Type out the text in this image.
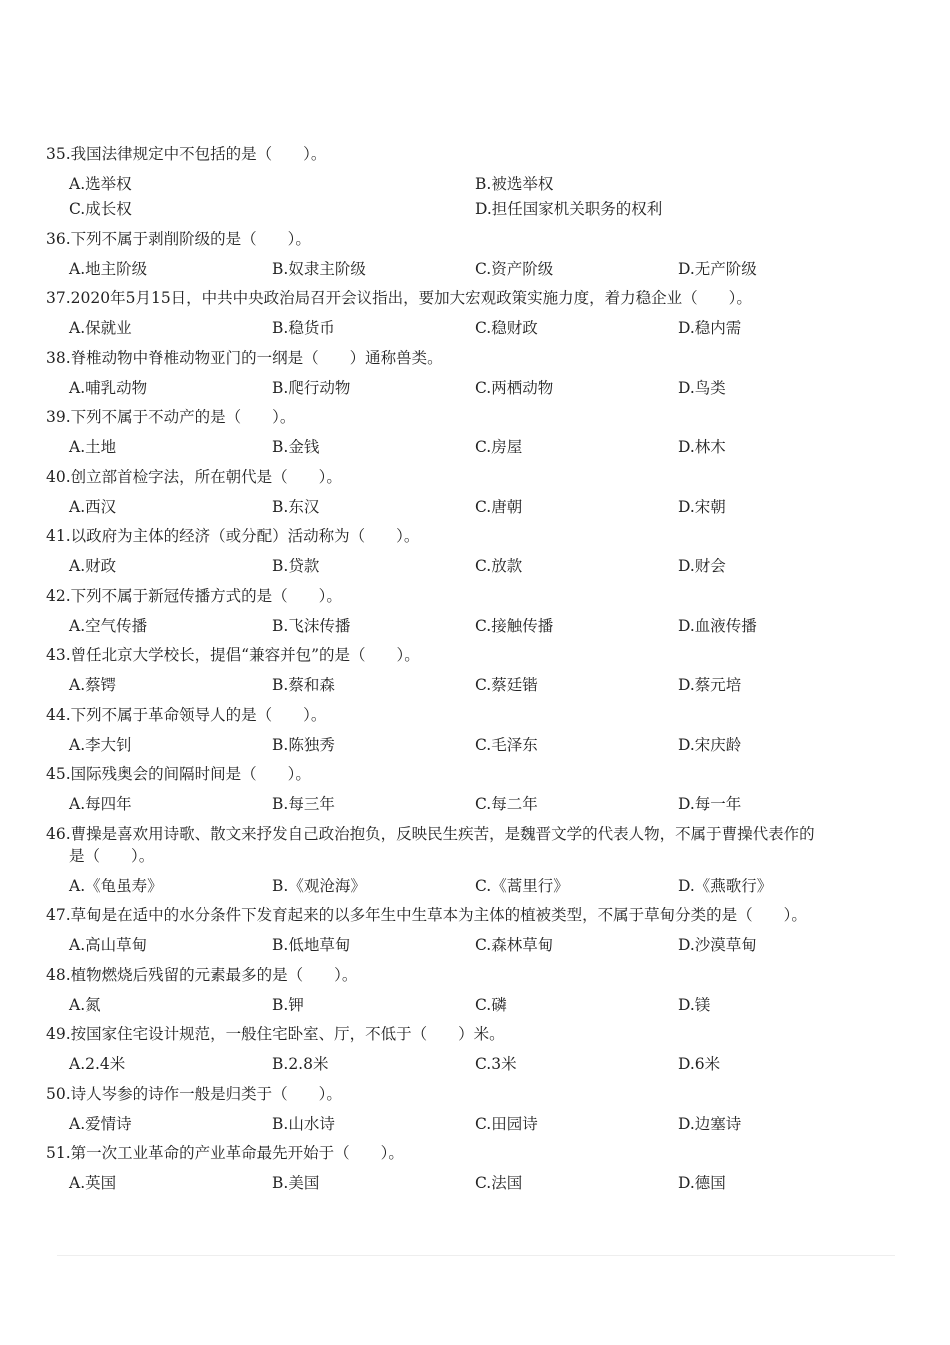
35.我国法律规定中不包括的是（　　）。
A.选举权	B.被选举权
C.成长权	D.担任国家机关职务的权利
36.下列不属于剥削阶级的是（　　）。
A.地主阶级	B.奴隶主阶级	C.资产阶级	D.无产阶级
37.2020年5月15日，中共中央政治局召开会议指出，要加大宏观政策实施力度，着力稳企业（　　）。
A.保就业	B.稳货币	C.稳财政	D.稳内需
38.脊椎动物中脊椎动物亚门的一纲是（　　）通称兽类。
A.哺乳动物	B.爬行动物	C.两栖动物	D.鸟类
39.下列不属于不动产的是（　　）。
A.土地	B.金钱	C.房屋	D.林木
40.创立部首检字法，所在朝代是（　　）。
A.西汉	B.东汉	C.唐朝	D.宋朝
41.以政府为主体的经济（或分配）活动称为（　　）。
A.财政	B.贷款	C.放款	D.财会
42.下列不属于新冠传播方式的是（　　）。
A.空气传播	B.飞沫传播	C.接触传播	D.血液传播
43.曾任北京大学校长，提倡“兼容并包”的是（　　）。
A.蔡锷	B.蔡和森	C.蔡廷锴	D.蔡元培
44.下列不属于革命领导人的是（　　）。
A.李大钊	B.陈独秀	C.毛泽东	D.宋庆龄
45.国际残奥会的间隔时间是（　　）。
A.每四年	B.每三年	C.每二年	D.每一年
46.曹操是喜欢用诗歌、散文来抒发自己政治抱负，反映民生疾苦，是魏晋文学的代表人物，不属于曹操代表作的
是（　　）。
A.《龟虽寿》	B.《观沧海》	C.《蒿里行》	D.《燕歌行》
47.草甸是在适中的水分条件下发育起来的以多年生中生草本为主体的植被类型，不属于草甸分类的是（　　）。
A.高山草甸	B.低地草甸	C.森林草甸	D.沙漠草甸
48.植物燃烧后残留的元素最多的是（　　）。
A.氮	B.钾	C.磷	D.镁
49.按国家住宅设计规范，一般住宅卧室、厅，不低于（　　）米。
A.2.4米	B.2.8米	C.3米	D.6米
50.诗人岑参的诗作一般是归类于（　　）。
A.爱情诗	B.山水诗	C.田园诗	D.边塞诗
51.第一次工业革命的产业革命最先开始于（　　）。
A.英国	B.美国	C.法国	D.德国
